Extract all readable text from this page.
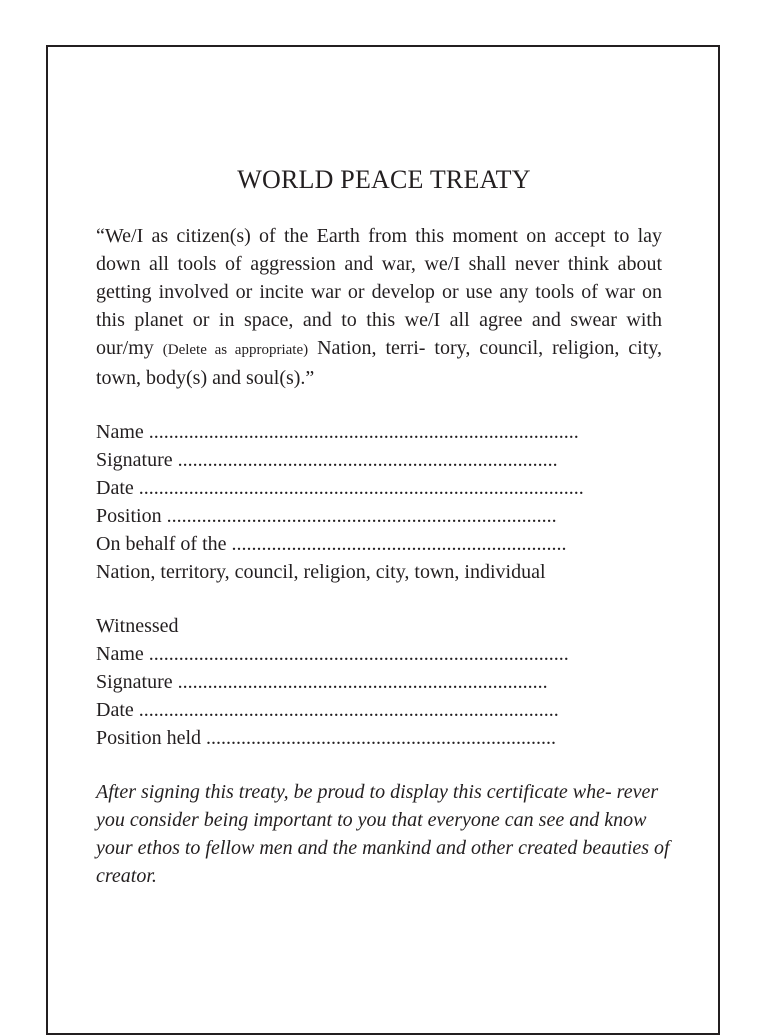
WORLD PEACE TREATY

“We/I as citizen(s) of the Earth from this moment on accept to lay down all tools of aggression and war, we/I shall never think about getting involved or incite war or develop or use any tools of war on this planet or in space, and to this we/I all agree and swear with our/my (Delete as appropriate) Nation, terri- tory, council, religion, city, town, body(s) and soul(s).”

Name ......................................................................................
Signature ............................................................................
Date .........................................................................................
Position ..............................................................................
On behalf of the ...................................................................
Nation, territory, council, religion, city, town, individual
Witnessed
Name ....................................................................................
Signature ..........................................................................
Date ....................................................................................
Position held ......................................................................

After signing this treaty, be proud to display this certificate whe- rever you consider being important to you that everyone can see and know your ethos to fellow men and the mankind and other created beauties of creator.
